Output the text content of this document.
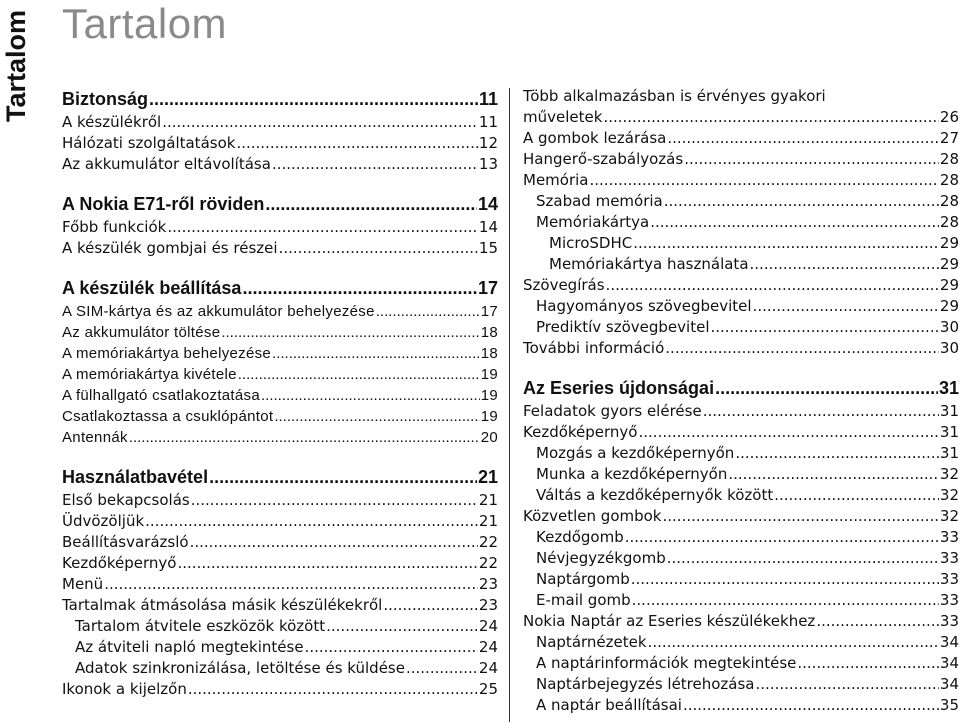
Tartalom Tartalom
Biztonság .....	11
A készülékről .....	11
Hálózati szolgáltatások .....	12
Az akkumulátor eltávolítása .....	13
A Nokia E71-ről röviden .....	14
Főbb funkciók .....	14
A készülék gombjai és részei .....	15
A készülék beállítása .....	17
A SIM-kártya és az akkumulátor behelyezése .....	17
Az akkumulátor töltése .....	18
A memóriakártya behelyezése .....	18
A memóriakártya kivétele .....	19
A fülhallgató csatlakoztatása .....	19
Csatlakoztassa a csuklópántot .....	19
Antennák .....	20
Használatbavétel .....	21
Első bekapcsolás .....	21
Üdvözöljük .....	21
Beállításvarázsló .....	22
Kezdőképernyő .....	22
Menü .....	23
Tartalmak átmásolása másik készülékekről .....	23
Tartalom átvitele eszközök között .....	24
Az átviteli napló megtekintése .....	24
Adatok szinkronizálása, letöltése és küldése .....	24
Ikonok a kijelzőn .....	25
Több alkalmazásban is érvényes gyakori
műveletek .....	26
A gombok lezárása .....	27
Hangerő-szabályozás .....	28
Memória .....	28
Szabad memória .....	28
Memóriakártya .....	28
MicroSDHC .....	29
Memóriakártya használata .....	29
Szövegírás .....	29
Hagyományos szövegbevitel .....	29
Prediktív szövegbevitel .....	30
További információ .....	30
Az Eseries újdonságai .....	31
Feladatok gyors elérése .....	31
Kezdőképernyő .....	31
Mozgás a kezdőképernyőn .....	31
Munka a kezdőképernyőn .....	32
Váltás a kezdőképernyők között .....	32
Közvetlen gombok .....	32
Kezdőgomb .....	33
Névjegyzékgomb .....	33
Naptárgomb .....	33
E-mail gomb .....	33
Nokia Naptár az Eseries készülékekhez .....	33
Naptárnézetek .....	34
A naptárinformációk megtekintése .....	34
Naptárbejegyzés létrehozása .....	34
A naptár beállításai .....	35
